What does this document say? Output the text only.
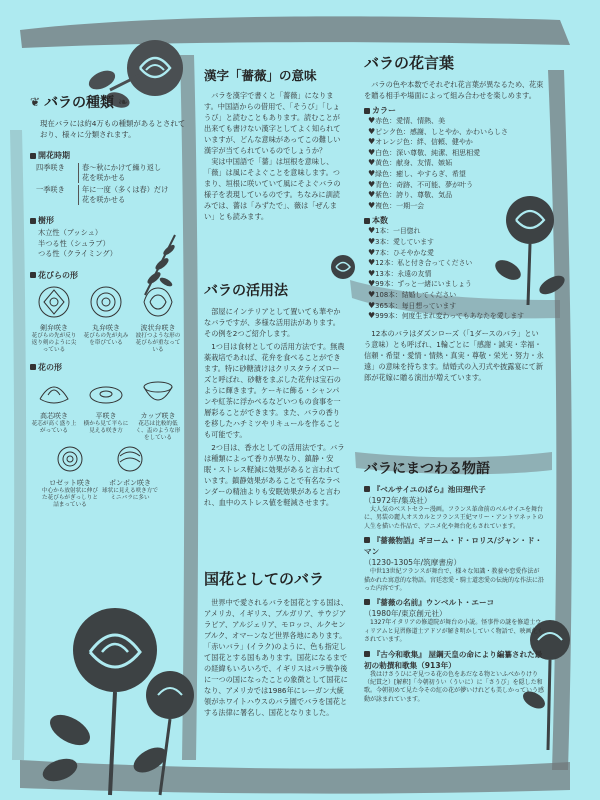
❦ バラの種類 ❧
現在バラには約4万もの種類があるとされており、様々に分類されます。
開花時期
四季咲き	春〜秋にかけて繰り返し
花を咲かせる
一季咲き	年に一度（多くは春）だけ
花を咲かせる
樹形
木立性（ブッシュ）
半つる性（シュラブ）
つる性（クライミング）
花びらの形
剣弁咲き
花びらの先が反り返り剣のように尖っている
丸弁咲き
花びらの先が丸みを帯びている
波状弁咲き
波打つような形の花びらが重なっている
花の形
高芯咲き
花芯が高く盛り上がっている
平咲き
横から見て平らに見える咲き方
カップ咲き
花芯は比較的低く、盃のような形をしている
ロゼット咲き
中心から放射状に伸びた花びらがぎっしりと詰まっている
ポンポン咲き
球状に見える咲き方でミニバラに多い
漢字「薔薇」の意味
バラを漢字で書くと「薔薇」になります。中国語からの借用で、「そうび」「しょうび」と読むこともあります。読むことが出来ても書けない漢字としてよく知られていますが、どんな意味があってこの難しい漢字が当てられているのでしょうか？
実は中国語で「薔」は垣根を意味し、「薇」は風にそよぐことを意味します。つまり、垣根に咲いていて風にそよぐバラの様子を表現しているのです。ちなみに訓読みでは、薔は「みずたで」、薇は「ぜんまい」とも読みます。
バラの活用法
部屋にインテリアとして置いても華やかなバラですが、多様な活用法があります。その例を2つご紹介します。
1つ目は食材としての活用方法です。無農薬栽培であれば、花弁を食べることができます。特に砂糖漬けはクリスタライズローズと呼ばれ、砂糖をまぶした花弁は宝石のように輝きます。ケーキに飾る・シャンパンや紅茶に浮かべるなどいつもの食事を一層彩ることができます。また、バラの香りを移したハチミツやリキュールを作ることも可能です。
2つ目は、香水としての活用法です。バラは種類によって香りが異なり、鎮静・安眠・ストレス軽減に効果があると言われています。鎮静効果があることで有名なラベンダーの精油よりも安眠効果があると言われ、血中のストレス値を軽減させます。
国花としてのバラ
世界中で愛されるバラを国花とする国は、アメリカ、イギリス、ブルガリア、サウジアラビア、アルジェリア、モロッコ、ルクセンブルク、オマーンなど世界各地にあります。「赤いバラ」(イラク)のように、色も指定して国花とする国もあります。国花になるまでの経緯もいろいろで、イギリスはバラ戦争後に一つの国になったことの象徴として国花になり、アメリカでは1986年にレーガン大統領がホワイトハウスのバラ園でバラを国花とする法律に署名し、国花となりました。
バラの花言葉
バラの色や本数でそれぞれ花言葉が異なるため、花束を贈る相手や場面によって組み合わせを楽しめます。
カラー
♥赤色：愛情、情熱、美
♥ピンク色：感謝、しとやか、かわいらしさ
♥オレンジ色：絆、信頼、健やか
♥白色：深い尊敬、純潔、相思相愛
♥黄色：献身、友情、嫉妬
♥緑色：癒し、やすらぎ、希望
♥青色：奇跡、不可能、夢が叶う
♥紫色：誇り、尊敬、気品
♥複色：一期一会
本数
♥1本：一目惚れ
♥3本：愛しています
♥7本：ひそやかな愛
♥12本：私と付き合ってください
♥13本：永遠の友情
♥99本：ずっと一緒にいましょう
♥108本：結婚してください
♥365本：毎日想っています
♥999本：何度生まれ変わってもあなたを愛します
12本のバラはダズンローズ（「1ダースのバラ」という意味）とも呼ばれ、1輪ごとに「感謝・誠実・幸福・信頼・希望・愛情・情熱・真実・尊敬・栄光・努力・永遠」の意味を持ちます。結婚式の入刃式や披露宴にて新郎が花嫁に贈る演出が増えています。
バラにまつわる物語
『ベルサイユのばら』池田理代子
（1972年/集英社）
大人気のベストセラー漫画。フランス革命前のベルサイユを舞台に、男装の麗人オスカルとフランス王妃マリー・アントワネットの人生を描いた作品で、アニメ化や舞台化もされています。
『薔薇物語』ギヨーム・ド・ロリス/ジャン・ド・マン
（1230-1305年/筑摩書房）
中世13世紀フランスが舞台で、様々な知識・教養や恋愛作法が描かれた寓意的な物語。宮廷恋愛・騎士道恋愛の伝統的な作法に沿った内容です。
『薔薇の名前』ウンベルト・エーコ
（1980年/東京創元社）
1327年イタリアの修道院が舞台の小説。怪事件の謎を修道士ウィリアムと見習修道士アドソが解き明かしていく物語で、映画化もされています。
『古今和歌集』 屋鋼天皇の命により編纂された最初の勅撰和歌集（913年）
我はけさうひにぞ見つる花の色をあだなる物といふべかりけり（紀貫之）[解釈]「今朝初うい（ういに）に「さうび」を隠した和歌。今朝初めて見た今その紅の花が儚いけれども美しかっていう感動が詠まれています。
